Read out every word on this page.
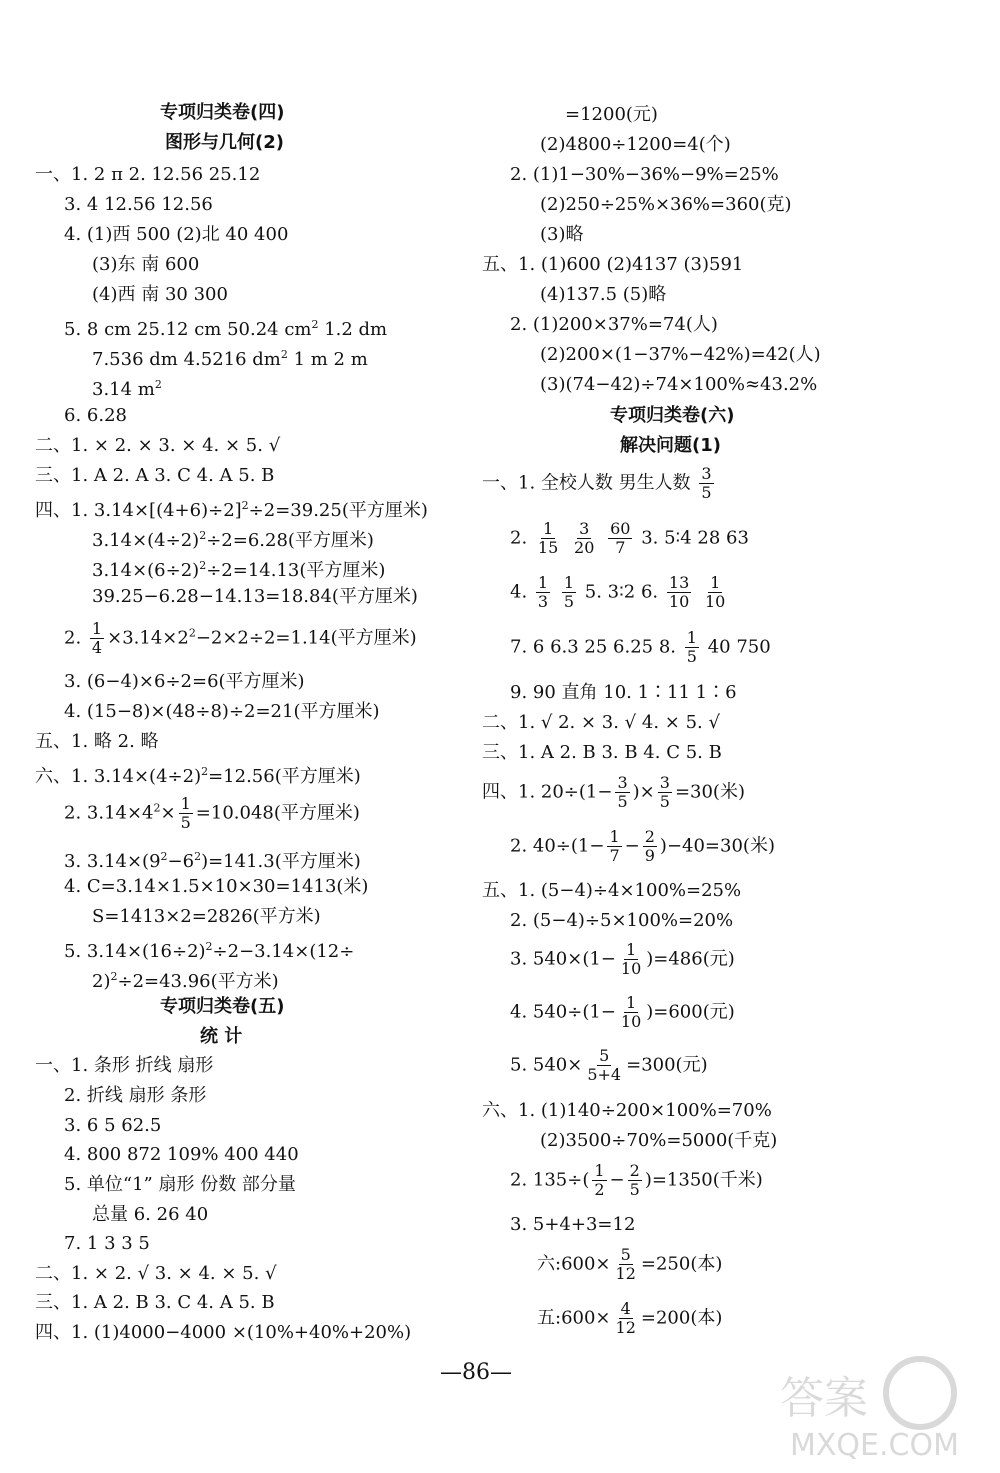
专项归类卷(四)
图形与几何(2)
一、1. 2 π 2. 12.56 25.12
3. 4 12.56 12.56
4. (1)西 500 (2)北 40 400
(3)东 南 600
(4)西 南 30 300
5. 8 cm 25.12 cm 50.24 $cm^2$ 1.2 dm
7.536 dm 4.5216 $dm^2$ 1 m 2 m
3.14 $m^2$
6. 6.28
二、1. × 2. × 3. × 4. × 5. √
三、1. A 2. A 3. C 4. A 5. B
四、1. $3.14\times[(4+6)\div 2]^2\div 2=39.25$(平方厘米)
$3.14\times(4\div 2)^2\div 2=6.28$(平方厘米)
$3.14\times(6\div 2)^2\div 2=14.13$(平方厘米)
39.25−6.28−14.13=18.84(平方厘米)
2. $\frac{1}{4} \times 3.14\times 2^2-2\times 2\div 2=1.14$(平方厘米)
3. (6−4)×6÷2=6(平方厘米)
4. (15−8)×(48÷8)÷2=21(平方厘米)
五、1. 略 2. 略
六、1. $3.14\times(4\div 2)^2=12.56$(平方厘米)
2. $3.14\times 4^2\times \frac{1}{5} =10.048$(平方厘米)
3. $3.14\times(9^2-6^2)=141.3$(平方厘米)
4. C=3.14×1.5×10×30=1413(米)
S=1413×2=2826(平方米)
5. $3.14\times(16\div 2)^2\div 2-3.14\times(12\div$
2)$^2$÷2=43.96(平方米)
专项归类卷(五)
统 计
一、1. 条形 折线 扇形
2. 折线 扇形 条形
3. 6 5 62.5
4. 800 872 109% 400 440
5. 单位“1” 扇形 份数 部分量
总量 6. 26 40
7. 1 3 3 5
二、1. × 2. √ 3. × 4. × 5. √
三、1. A 2. B 3. C 4. A 5. B
四、1. (1)4000−4000 ×(10%+40%+20%)
=1200(元)
(2)4800÷1200=4(个)
2. (1)1−30%−36%−9%=25%
(2)250÷25%×36%=360(克)
(3)略
五、1. (1)600 (2)4137 (3)591
(4)137.5 (5)略
2. (1)200×37%=74(人)
(2)200×(1−37%−42%)=42(人)
(3)(74−42)÷74×100%≈43.2%
专项归类卷(六)
解决问题(1)
一、1. 全校人数 男生人数 $\frac{3}{5}$
2. $\frac{1}{15}$
$\frac{3}{20}$
$\frac{60}{7} 3$. 5∶4 28 63
4. $\frac{1}{3}$
$\frac{1}{5} 5$. 3∶2 6. $\frac{13}{10}$
$\frac{1}{10}$
7. 6 6.3 25 6.25 8. $\frac{1}{5} 40$ 750
9. 90 直角 10. 1∶11 1∶6
二、1. √ 2. × 3. √ 4. × 5. √
三、1. A 2. B 3. B 4. C 5. B
四、1. $20\div(1- \frac{3}{5}$ )× $\frac{3}{5} =30$(米)
2. $40\div(1- \frac{1}{7} - \frac{2}{9} )-40=30$(米)
五、1. (5−4)÷4×100%=25%
2. (5−4)÷5×100%=20%
3. $540\times(1- \frac{1}{10} )=486$(元)
4. $540\div(1- \frac{1}{10} )=600$(元)
5. $540\times \frac{5}{5+4} =300$(元)
六、1. (1)140÷200×100%=70%
(2)3500÷70%=5000(千克)
2. $135\div( \frac{1}{2} - \frac{2}{5} )=1350$(千米)
3. 5+4+3=12
六:600× $\frac{5}{12} =250$(本)
五:600× $\frac{4}{12} =200$(本)
—86—
答案
MXQE.COM
